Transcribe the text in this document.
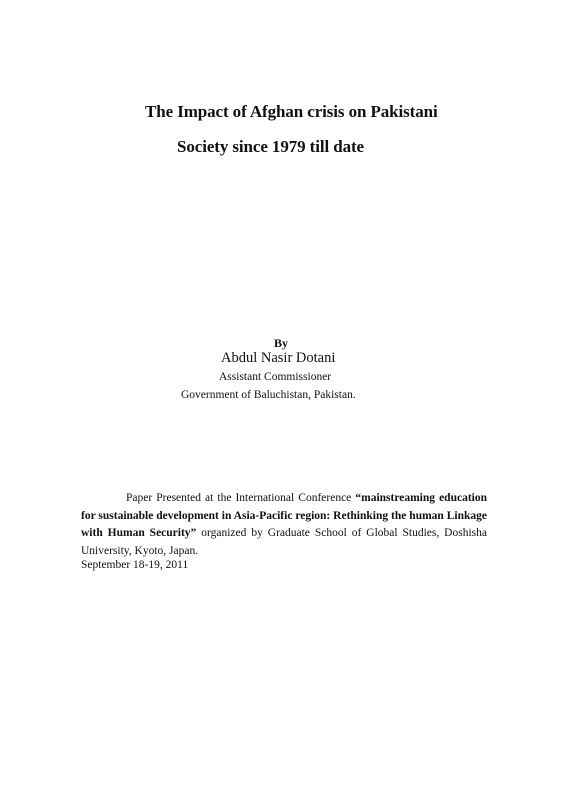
The Impact of Afghan crisis on Pakistani
Society since 1979 till date
By
Abdul Nasir Dotani
Assistant Commissioner
Government of Baluchistan, Pakistan.
Paper Presented at the International Conference “mainstreaming education for sustainable development in Asia-Pacific region: Rethinking the human Linkage with Human Security” organized by Graduate School of Global Studies, Doshisha University, Kyoto, Japan.
September 18-19, 2011
